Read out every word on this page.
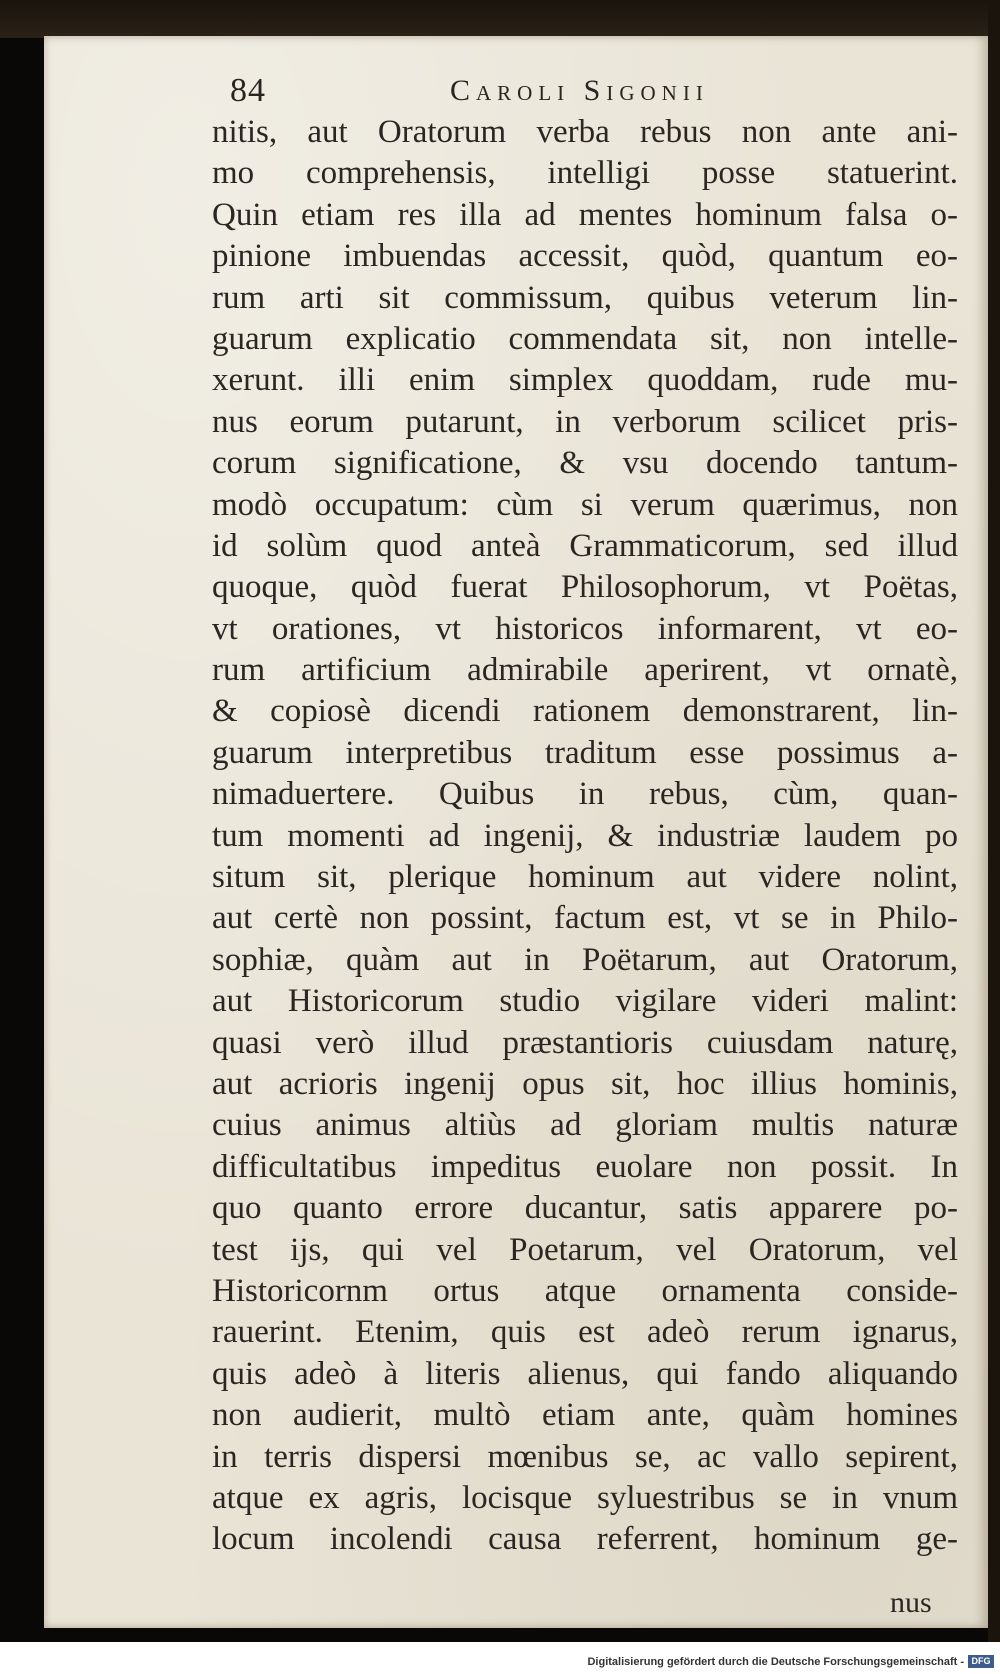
84	Caroli Sigonii
nitis, aut Oratorum verba rebus non ante ani-
mo comprehensis, intelligi posse statuerint.
Quin etiam res illa ad mentes hominum falsa o-
pinione imbuendas accessit, quòd, quantum eo-
rum arti sit commissum, quibus veterum lin-
guarum explicatio commendata sit, non intelle-
xerunt. illi enim simplex quoddam, rude mu-
nus eorum putarunt, in verborum scilicet pris-
corum significatione, & vsu docendo tantum-
modò occupatum: cùm si verum quærimus, non
id solùm quod anteà Grammaticorum, sed illud
quoque, quòd fuerat Philosophorum, vt Poëtas,
vt orationes, vt historicos informarent, vt eo-
rum artificium admirabile aperirent, vt ornatè,
& copiosè dicendi rationem demonstrarent, lin-
guarum interpretibus traditum esse possimus a-
nimaduertere. Quibus in rebus, cùm, quan-
tum momenti ad ingenij, & industriæ laudem po
situm sit, plerique hominum aut videre nolint,
aut certè non possint, factum est, vt se in Philo-
sophiæ, quàm aut in Poëtarum, aut Oratorum,
aut Historicorum studio vigilare videri malint:
quasi verò illud præstantioris cuiusdam naturę,
aut acrioris ingenij opus sit, hoc illius hominis,
cuius animus altiùs ad gloriam multis naturæ
difficultatibus impeditus euolare non possit. In
quo quanto errore ducantur, satis apparere po-
test ijs, qui vel Poetarum, vel Oratorum, vel
Historicornm ortus atque ornamenta conside-
rauerint. Etenim, quis est adeò rerum ignarus,
quis adeò à literis alienus, qui fando aliquando
non audierit, multò etiam ante, quàm homines
in terris dispersi mœnibus se, ac vallo sepirent,
atque ex agris, locisque syluestribus se in vnum
locum incolendi causa referrent, hominum ge-
nus
Digitalisierung gefördert durch die Deutsche Forschungsgemeinschaft - DFG
